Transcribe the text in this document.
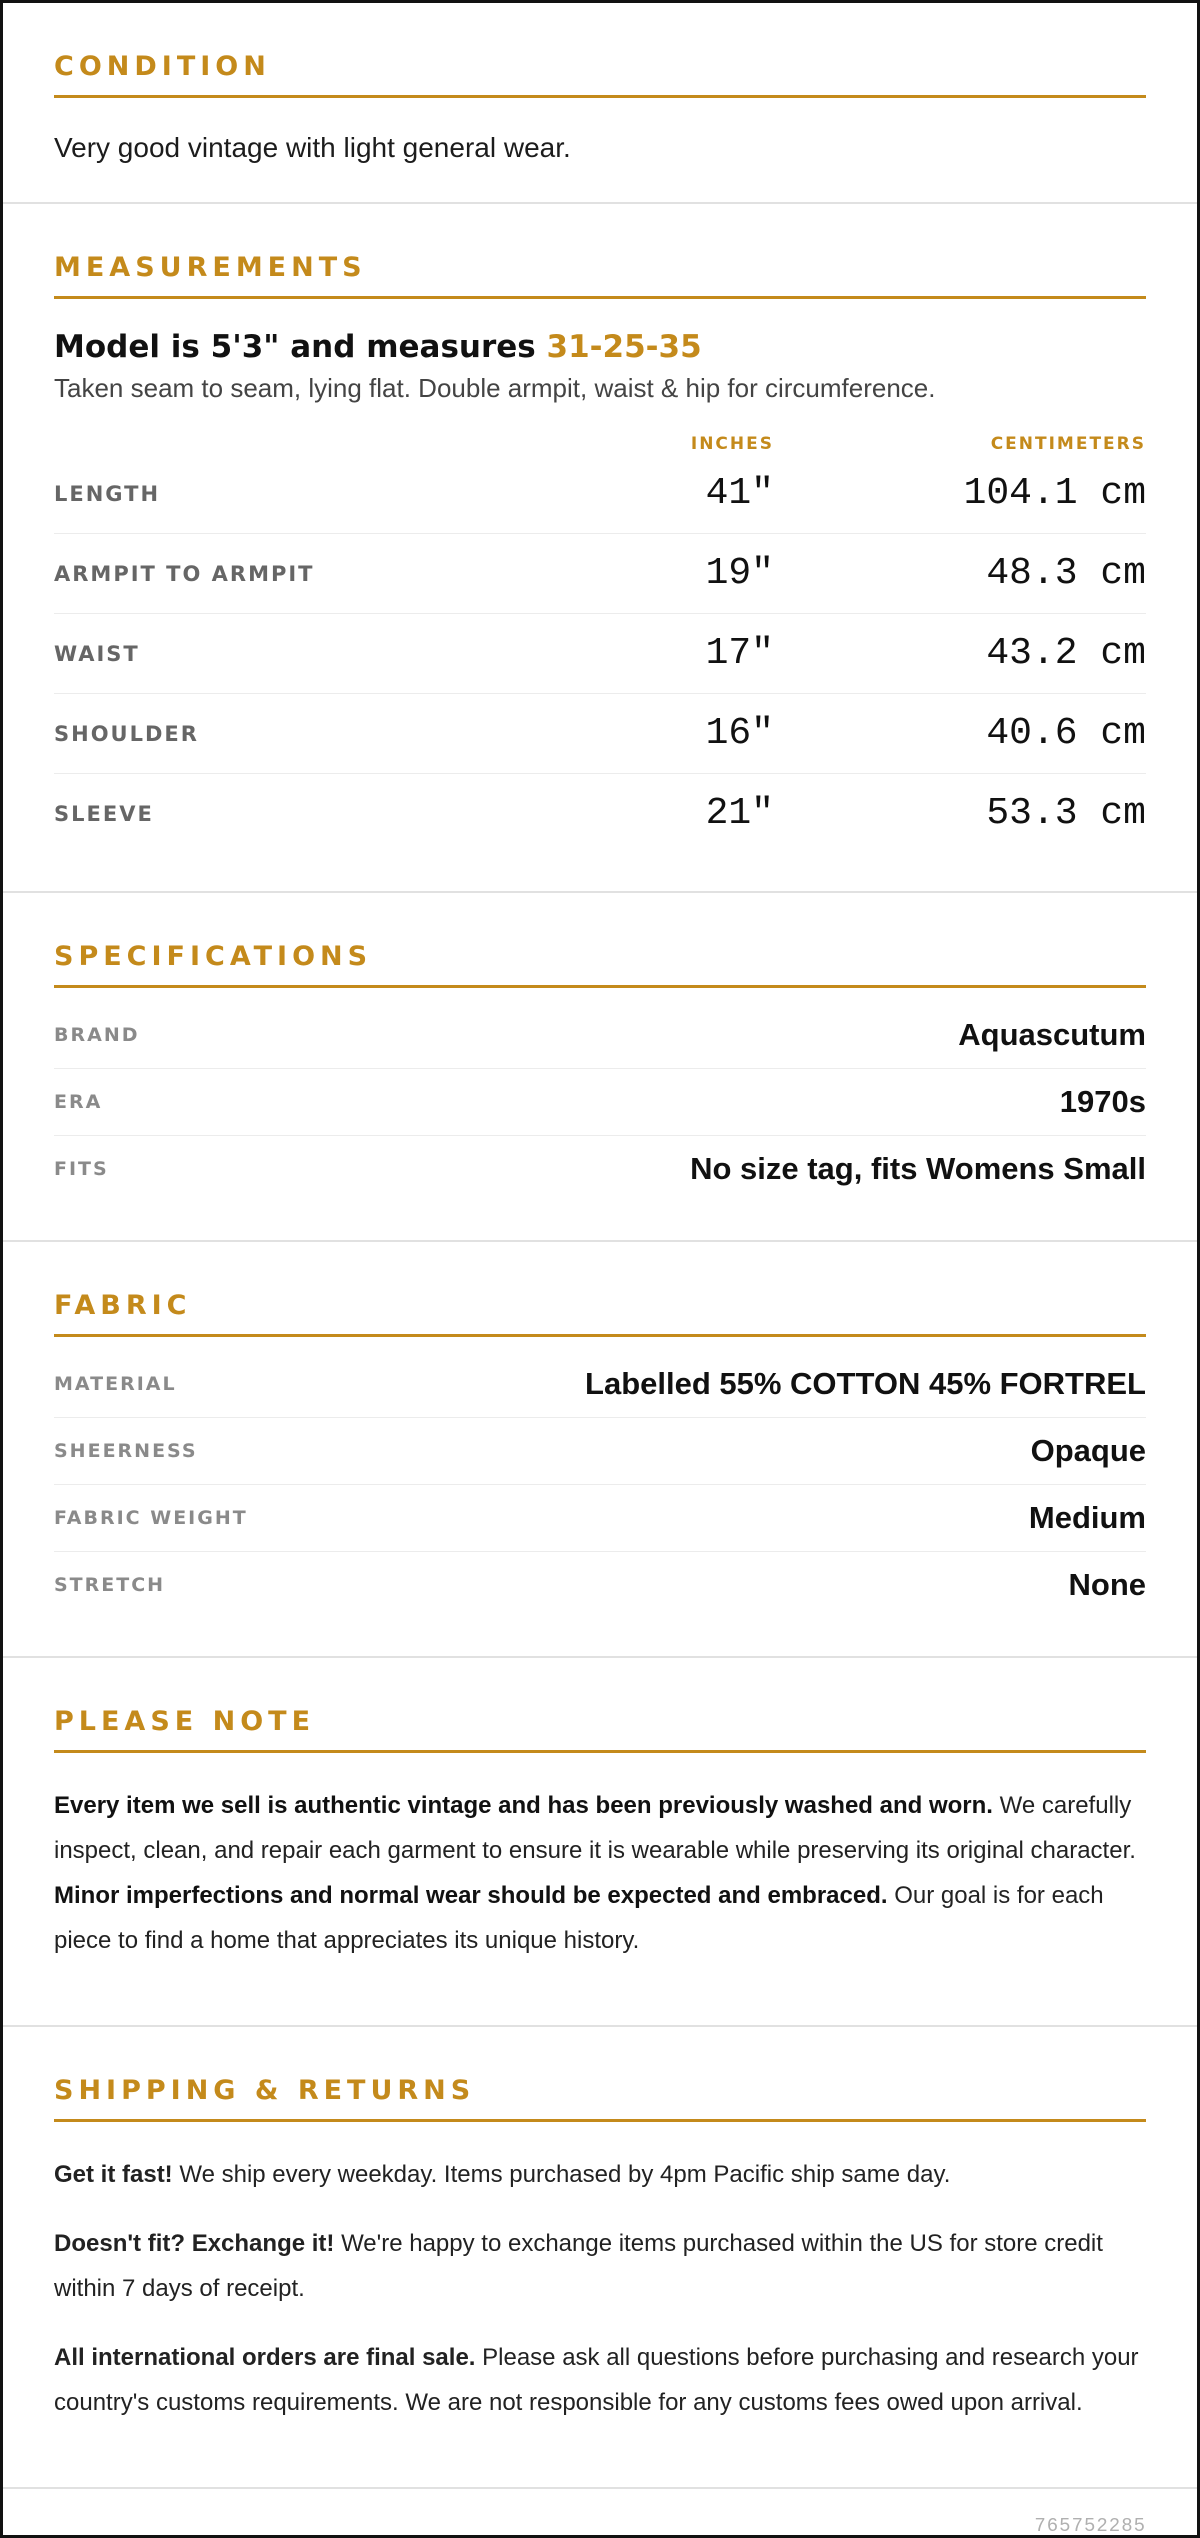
CONDITION
Very good vintage with light general wear.
MEASUREMENTS
Model is 5'3" and measures 31-25-35
Taken seam to seam, lying flat. Double armpit, waist & hip for circumference.
INCHES	CENTIMETERS
LENGTH	41"	104.1 cm
ARMPIT TO ARMPIT	19"	48.3 cm
WAIST	17"	43.2 cm
SHOULDER	16"	40.6 cm
SLEEVE	21"	53.3 cm
SPECIFICATIONS
BRAND	Aquascutum
ERA	1970s
FITS	No size tag, fits Womens Small
FABRIC
MATERIAL	Labelled 55% COTTON 45% FORTREL
SHEERNESS	Opaque
FABRIC WEIGHT	Medium
STRETCH	None
PLEASE NOTE

Every item we sell is authentic vintage and has been previously washed and worn. We carefully inspect, clean, and repair each garment to ensure it is wearable while preserving its original character. Minor imperfections and normal wear should be expected and embraced. Our goal is for each piece to find a home that appreciates its unique history.

SHIPPING & RETURNS

Get it fast! We ship every weekday. Items purchased by 4pm Pacific ship same day.

Doesn't fit? Exchange it! We're happy to exchange items purchased within the US for store credit within 7 days of receipt.

All international orders are final sale. Please ask all questions before purchasing and research your country's customs requirements. We are not responsible for any customs fees owed upon arrival.

765752285
